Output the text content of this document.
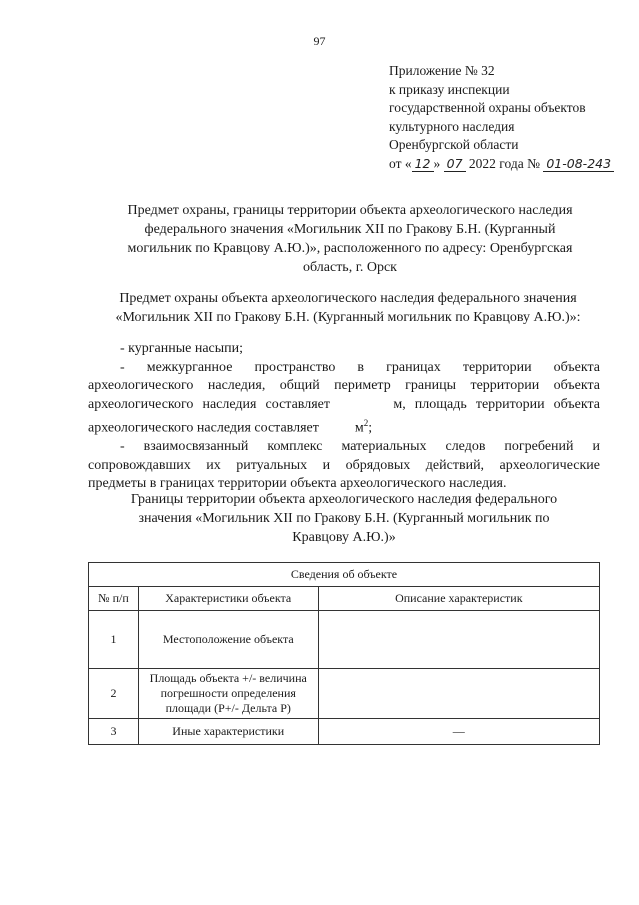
97
Приложение № 32
к приказу инспекции
государственной охраны объектов
культурного наследия
Оренбургской области
от « 12 » 07 2022 года № 01-08-243
Предмет охраны, границы территории объекта археологического наследия
федерального значения «Могильник XII по Гракову Б.Н. (Курганный
могильник по Кравцову А.Ю.)», расположенного по адресу: Оренбургская
область, г. Орск
Предмет охраны объекта археологического наследия федерального значения
«Могильник XII по Гракову Б.Н. (Курганный могильник по Кравцову А.Ю.)»:
- курганные насыпи;
- межкурганное пространство в границах территории объекта
археологического наследия, общий периметр границы территории объекта
археологического наследия составляет       м, площадь территории объекта
археологического наследия составляет	$м^2$;
- взаимосвязанный комплекс материальных следов погребений и
сопровождавших их ритуальных и обрядовых действий, археологические
предметы в границах территории объекта археологического наследия.
Границы территории объекта археологического наследия федерального
значения «Могильник XII по Гракову Б.Н. (Курганный могильник по
Кравцову А.Ю.)»
Сведения об объекте		
№ п/п	Характеристики объекта	Описание характеристик
1	Местоположение объекта	
2	Площадь объекта +/- величина
погрешности определения
площади (Р+/- Дельта Р)	

3	Иные характеристики	—
